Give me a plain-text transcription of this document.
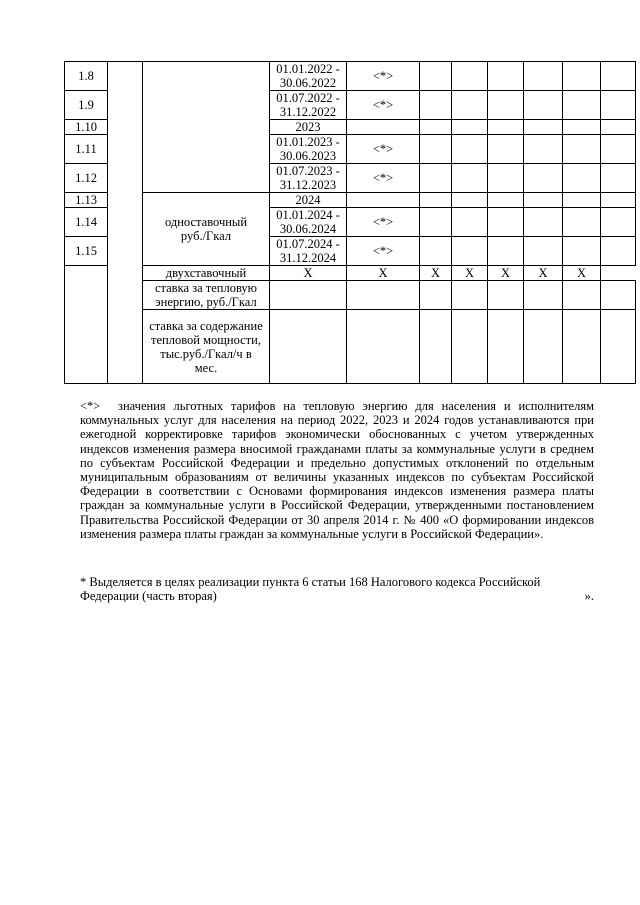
1.8			01.01.2022 - 30.06.2022	<*>						
1.9			01.07.2022 - 31.12.2022	<*>						
1.10			2023							
1.11			01.01.2023 - 30.06.2023	<*>						
1.12			01.07.2023 - 31.12.2023	<*>						
1.13		одноставочный руб./Гкал	2024							
1.14			01.01.2024 - 30.06.2024	<*>						
1.15			01.07.2024 - 31.12.2024	<*>						
		двухставочный	X	X	X	X	X	X	X	
		ставка за тепловую энергию, руб./Гкал								
		ставка за содержание тепловой мощности, тыс.руб./Гкал/ч в мес.								
<*> значения льготных тарифов на тепловую энергию для населения и исполнителям коммунальных услуг для населения на период 2022, 2023 и 2024 годов устанавливаются при ежегодной корректировке тарифов экономически обоснованных с учетом утвержденных индексов изменения размера вносимой гражданами платы за коммунальные услуги в среднем по субъектам Российской Федерации и предельно допустимых отклонений по отдельным муниципальным образованиям от величины указанных индексов по субъектам Российской Федерации в соответствии с Основами формирования индексов изменения размера платы граждан за коммунальные услуги в Российской Федерации, утвержденными постановлением Правительства Российской Федерации от 30 апреля 2014 г. № 400 «О формировании индексов изменения размера платы граждан за коммунальные услуги в Российской Федерации».
* Выделяется в целях реализации пункта 6 статьи 168 Налогового кодекса Российской
Федерации (часть вторая)	».
